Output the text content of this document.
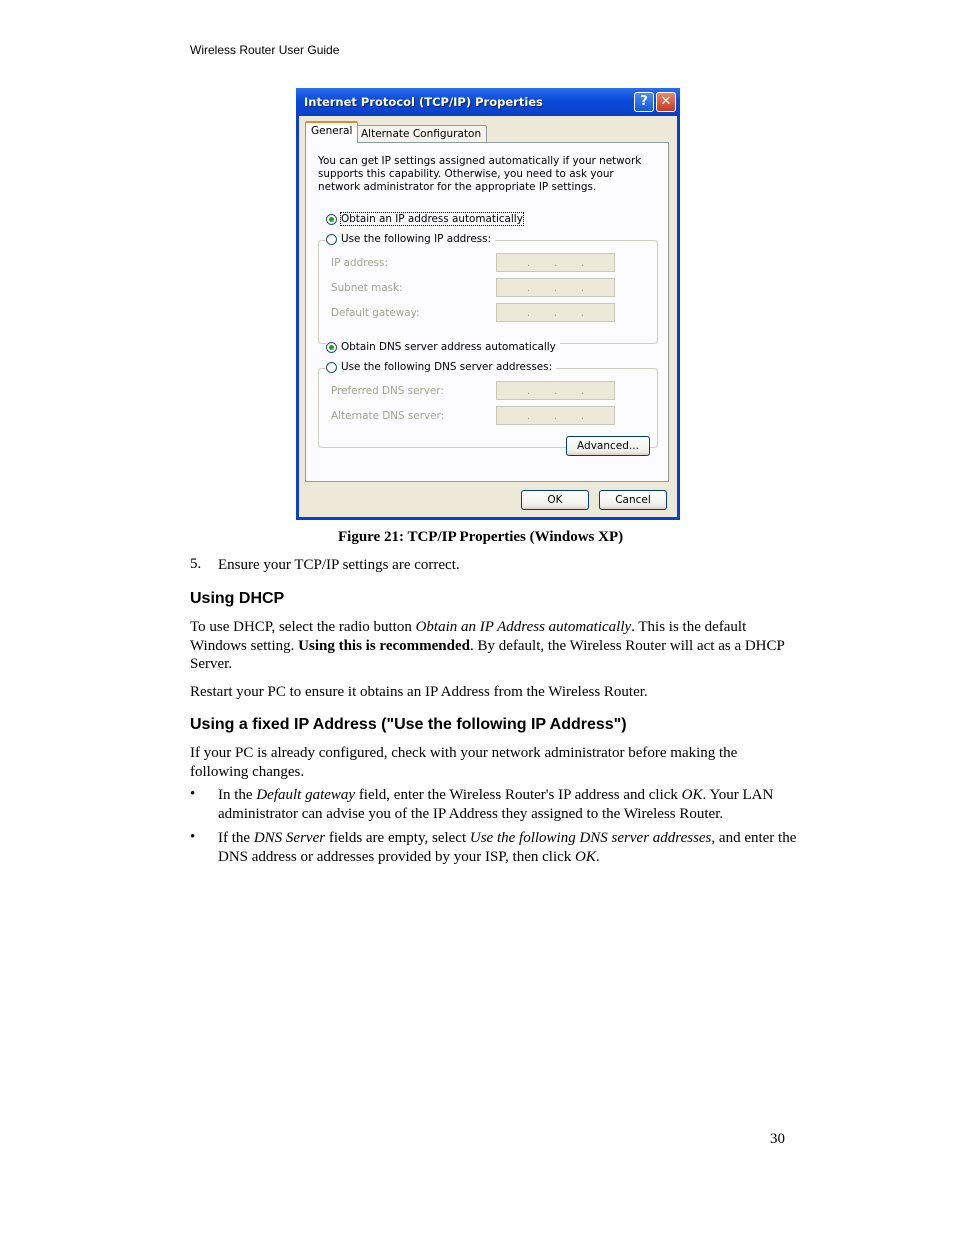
Wireless Router User Guide
Internet Protocol (TCP/IP) Properties	? ✕
General Alternate Configuraton
You can get IP settings assigned automatically if your network supports this capability. Otherwise, you need to ask your network administrator for the appropriate IP settings.
Obtain an IP address automatically
Use the following IP address:
IP address:	. . .
Subnet mask:	. . .
Default gateway:	. . .
Obtain DNS server address automatically
Use the following DNS server addresses:
Preferred DNS server:	. . .
Alternate DNS server:	. . .
Advanced...
OK	Cancel
Figure 21: TCP/IP Properties (Windows XP)
5. Ensure your TCP/IP settings are correct.
Using DHCP
To use DHCP, select the radio button Obtain an IP Address automatically. This is the default Windows setting. Using this is recommended. By default, the Wireless Router will act as a DHCP Server.
Restart your PC to ensure it obtains an IP Address from the Wireless Router.
Using a fixed IP Address ("Use the following IP Address")
If your PC is already configured, check with your network administrator before making the following changes.
• In the Default gateway field, enter the Wireless Router's IP address and click OK. Your LAN administrator can advise you of the IP Address they assigned to the Wireless Router.
• If the DNS Server fields are empty, select Use the following DNS server addresses, and enter the DNS address or addresses provided by your ISP, then click OK.
30
